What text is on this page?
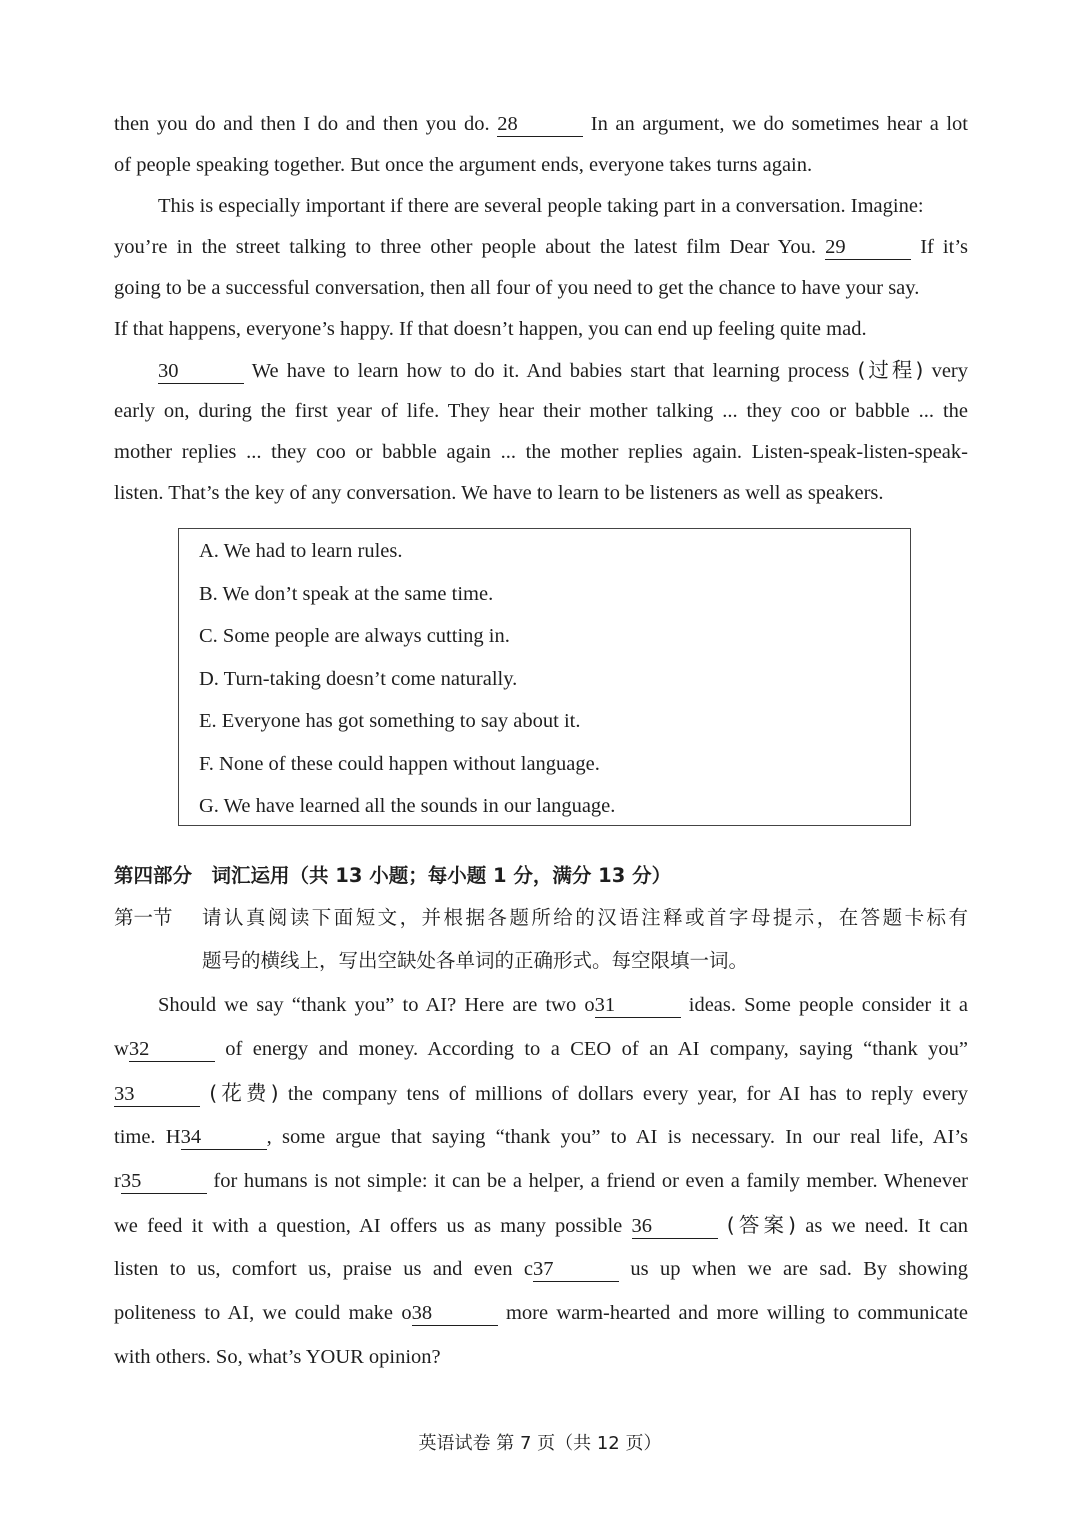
then you do and then I do and then you do. 28	In an argument, we do sometimes hear a lot
of people speaking together. But once the argument ends, everyone takes turns again.
This is especially important if there are several people taking part in a conversation. Imagine:
you’re in the street talking to three other people about the latest film Dear You. 29	If it’s
going to be a successful conversation, then all four of you need to get the chance to have your say.
If that happens, everyone’s happy. If that doesn’t happen, you can end up feeling quite mad.
30	We have to learn how to do it. And babies start that learning process (过程) very
early on, during the first year of life. They hear their mother talking ... they coo or babble ... the
mother replies ... they coo or babble again ... the mother replies again. Listen-speak-listen-speak-
listen. That’s the key of any conversation. We have to learn to be listeners as well as speakers.
A. We had to learn rules.
B. We don’t speak at the same time.
C. Some people are always cutting in.
D. Turn-taking doesn’t come naturally.
E. Everyone has got something to say about it.
F. None of these could happen without language.
G. We have learned all the sounds in our language.
第四部分　词汇运用（共 13 小题；每小题 1 分，满分 13 分）
第一节	请认真阅读下面短文，并根据各题所给的汉语注释或首字母提示，在答题卡标有
题号的横线上，写出空缺处各单词的正确形式。每空限填一词。
Should we say “thank you” to AI? Here are two o31	ideas. Some people consider it a
w32	of energy and money. According to a CEO of an AI company, saying “thank you”
33	(花费) the company tens of millions of dollars every year, for AI has to reply every
time. H34	, some argue that saying “thank you” to AI is necessary. In our real life, AI’s
r35	for humans is not simple: it can be a helper, a friend or even a family member. Whenever
we feed it with a question, AI offers us as many possible 36	(答案) as we need. It can
listen to us, comfort us, praise us and even c37	us up when we are sad. By showing
politeness to AI, we could make o38	more warm-hearted and more willing to communicate
with others. So, what’s YOUR opinion?
英语试卷 第 7 页（共 12 页）
